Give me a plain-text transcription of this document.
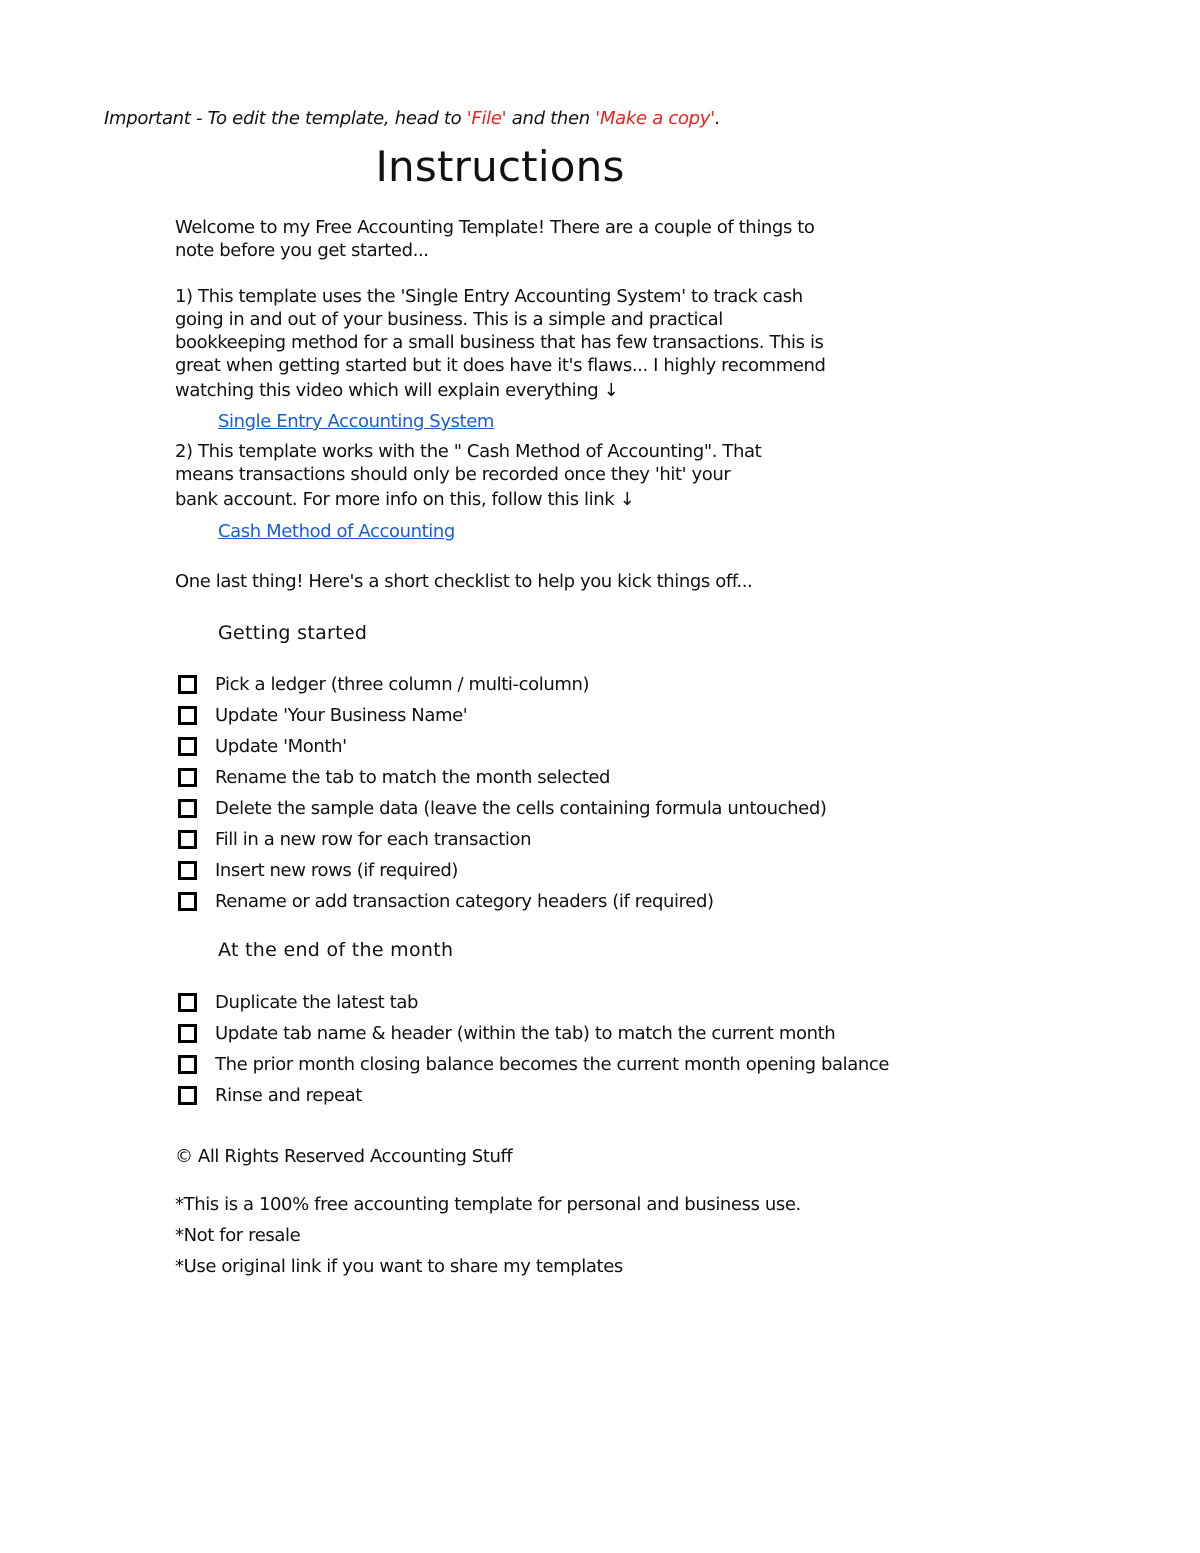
Important - To edit the template, head to 'File' and then 'Make a copy'.
Instructions
Welcome to my Free Accounting Template! There are a couple of things to
note before you get started...
1) This template uses the 'Single Entry Accounting System' to track cash
going in and out of your business. This is a simple and practical
bookkeeping method for a small business that has few transactions. This is
great when getting started but it does have it's flaws... I highly recommend
watching this video which will explain everything ↓
Single Entry Accounting System
2) This template works with the " Cash Method of Accounting". That
means transactions should only be recorded once they 'hit' your
bank account. For more info on this, follow this link ↓
Cash Method of Accounting
One last thing! Here's a short checklist to help you kick things off...
Getting started
Pick a ledger (three column / multi-column)
Update 'Your Business Name'
Update 'Month'
Rename the tab to match the month selected
Delete the sample data (leave the cells containing formula untouched)
Fill in a new row for each transaction
Insert new rows (if required)
Rename or add transaction category headers (if required)
At the end of the month
Duplicate the latest tab
Update tab name & header (within the tab) to match the current month
The prior month closing balance becomes the current month opening balance
Rinse and repeat
© All Rights Reserved Accounting Stuff
*This is a 100% free accounting template for personal and business use.
*Not for resale
*Use original link if you want to share my templates
